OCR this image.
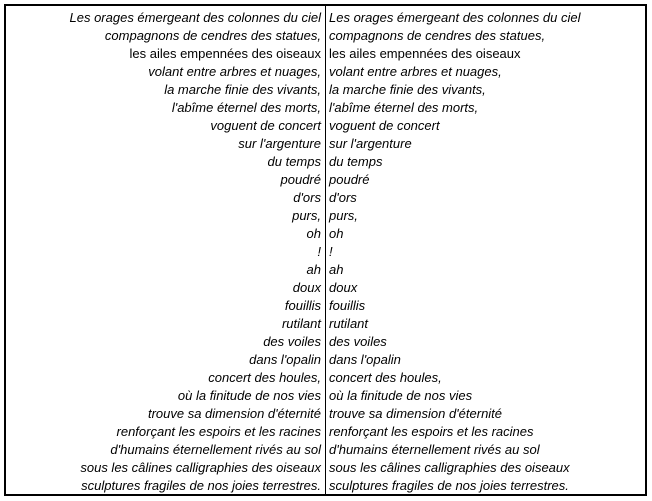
Les orages émergeant des colonnes du ciel
compagnons de cendres des statues,
les ailes empennées des oiseaux
volant entre arbres et nuages,
la marche finie des vivants,
l'abîme éternel des morts,
voguent de concert
sur l'argenture
du temps
poudré
d'ors
purs,
oh
!
ah
doux
fouillis
rutilant
des voiles
dans l'opalin
concert des houles,
où la finitude de nos vies
trouve sa dimension d'éternité
renforçant les espoirs et les racines
d'humains éternellement rivés au sol
sous les câlines calligraphies des oiseaux
sculptures fragiles de nos joies terrestres.
Les orages émergeant des colonnes du ciel
compagnons de cendres des statues,
les ailes empennées des oiseaux
volant entre arbres et nuages,
la marche finie des vivants,
l'abîme éternel des morts,
voguent de concert
sur l'argenture
du temps
poudré
d'ors
purs,
oh
!
ah
doux
fouillis
rutilant
des voiles
dans l'opalin
concert des houles,
où la finitude de nos vies
trouve sa dimension d'éternité
renforçant les espoirs et les racines
d'humains éternellement rivés au sol
sous les câlines calligraphies des oiseaux
sculptures fragiles de nos joies terrestres.
